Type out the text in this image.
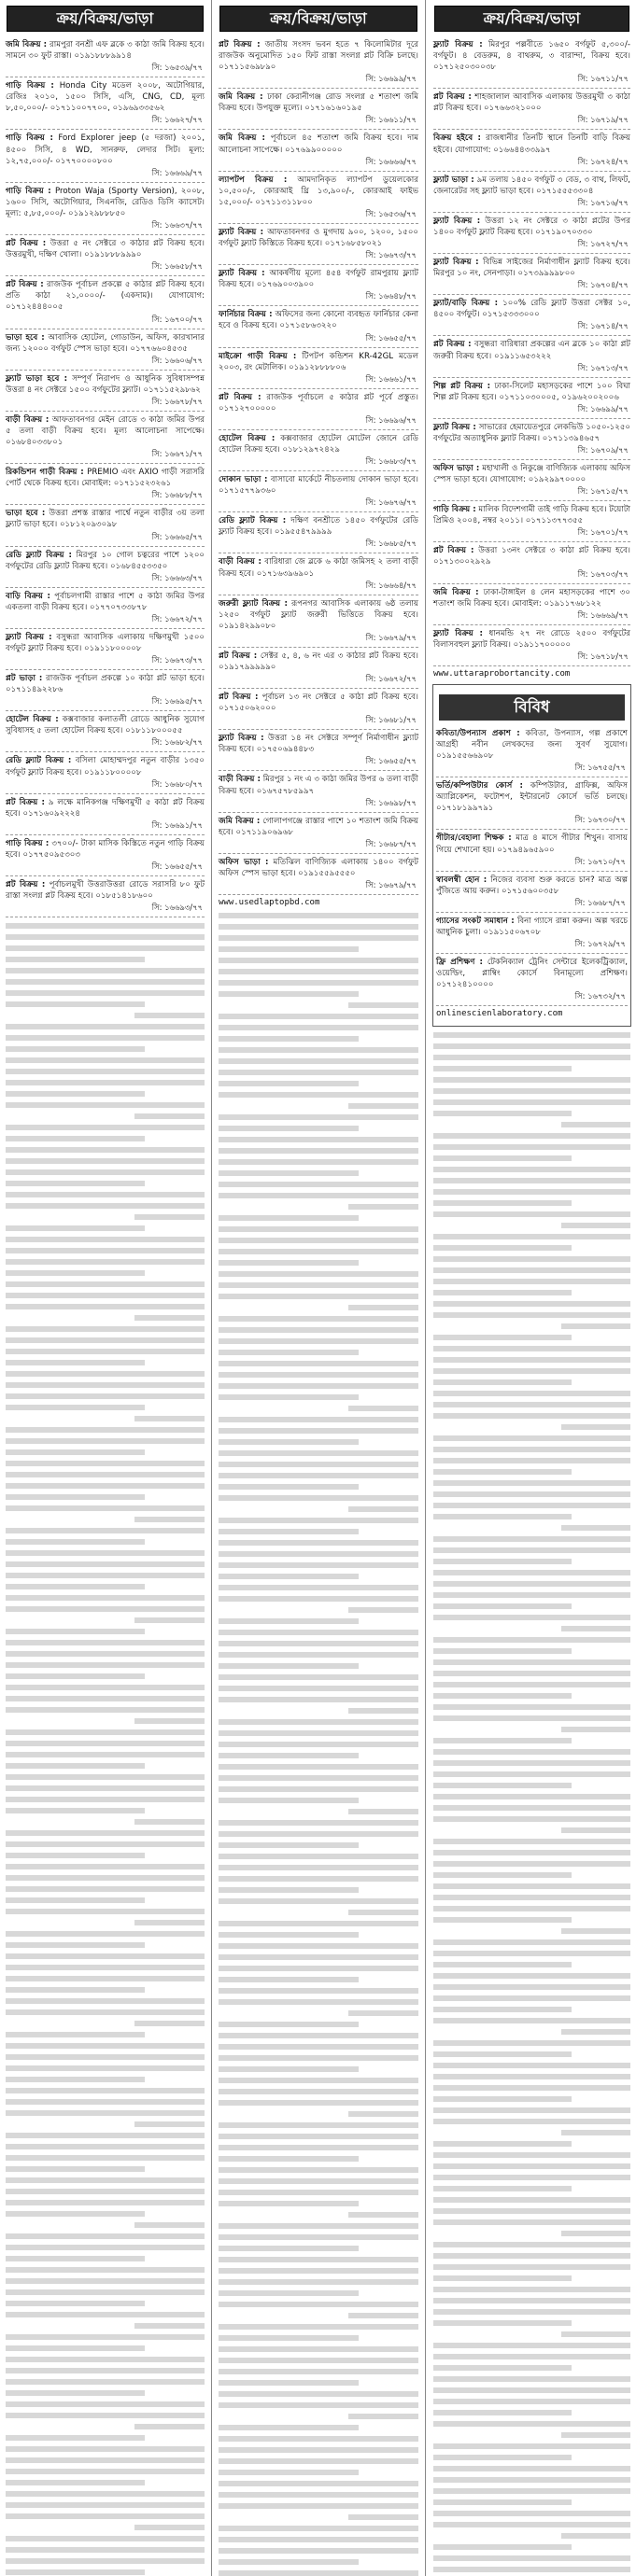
ক্রয়/বিক্রয়/ভাড়া

জমি বিক্রয় : রামপুরা বনশ্রী এফ ব্লকে ৩ কাঠা জমি বিক্রয় হবে। সামনে ৩০ ফুট রাস্তা। ০১৯১৮৮৮৯৯১৪

সি: ১৬৫৩৯/৭৭

গাড়ি বিক্রয় : Honda City মডেল ২০০৮, অটোগিয়ার, রেজিঃ ২০১০, ১৫০০ সিসি, এসি, CNG, CD, মূল্য ৮,৫০,০০০/- ০১৭১১০০৭৭০০, ০১৯৬৯৩৩৫৬২

সি: ১৬৬২৭/৭৭

গাড়ি বিক্রয় : Ford Explorer jeep (৫ দরজা) ২০০১, ৪৫০০ সিসি, ৪ WD, সানরুফ, লেদার সিট। মূল্য: ১২,৭৫,০০০/- ০১৭৭০০০০৮০০

সি: ১৬৬৬৯/৭৭

গাড়ি বিক্রয় : Proton Waja (Sporty Version), ২০০৮, ১৬০০ সিসি, অটোগিয়ার, সিএনজি, রেডিও ডিসি ক্যাসেট। মূল্য: ৫,৮৫,০০০/- ০১৯১২৯৮৮৮৫০

সি: ১৬৬৩৭/৭৭

প্লট বিক্রয় : উত্তরা ৫ নং সেক্টরে ৩ কাঠার প্লট বিক্রয় হবে। উত্তরমুখী, দক্ষিণ খোলা। ০১৯১৮৮৮৯৯৯০

সি: ১৬৬৫৮/৭৭

প্লট বিক্রয় : রাজউক পূর্বাচল প্রকল্পে ৫ কাঠার প্লট বিক্রয় হবে। প্রতি কাঠা ২১,০০০০/- (একদাম)। যোগাযোগ: ০১৭১২৪৪৪০০৫

সি: ১৬৭০০/৭৭

ভাড়া হবে : আবাসিক হোটেল, গোডাউন, অফিস, কারখানার জন্য ১২০০০ বর্গফুট স্পেস ভাড়া হবে। ০১৭৭৬৬০৪৫৩৫

সি: ১৬৬০৬/৭৭

ফ্ল্যাট ভাড়া হবে : সম্পূর্ণ নিরাপদ ও আধুনিক সুবিধাসম্পন্ন উত্তরা ৪ নং সেক্টরে ১৫০০ বর্গফুটের ফ্ল্যাট। ০১৭১১৫২৯৮৬২

সি: ১৬৬৭৮/৭৭

বাড়ী বিক্রয় : আফতাবনগর মেইন রোডে ৩ কাঠা জমির উপর ৫ তলা বাড়ী বিক্রয় হবে। মূল্য আলোচনা সাপেক্ষে। ০১৬৮৪০৩৩৮০১

সি: ১৬৬৭১/৭৭

রিকন্ডিশন গাড়ী বিক্রয় : PREMIO এবং AXIO গাড়ী সরাসরি পোর্ট থেকে বিক্রয় হবে। মোবাইল: ০১৭১১৫২৩২৬১

সি: ১৬৬৮৮/৭৭

ভাড়া হবে : উত্তরা প্রশস্ত রাস্তার পার্শ্বে নতুন বাড়ীর ৩য় তলা ফ্ল্যাট ভাড়া হবে। ০১৮১২০৯৩০৯৮

সি: ১৬৬৬৫/৭৭

রেডি ফ্ল্যাট বিক্রয় : মিরপুর ১০ গোল চত্বরের পাশে ১২০০ বর্গফুটের রেডি ফ্ল্যাট বিক্রয় হবে। ০১৬৮৪৫৫৩৩৫০

সি: ১৬৬৬৩/৭৭

বাড়ি বিক্রয় : পূর্বাচলগামী রাস্তার পাশে ৫ কাঠা জমির উপর একতলা বাড়ী বিক্রয় হবে। ০১৭৭০৭৩৩৮৭৮

সি: ১৬৬৭২/৭৭

ফ্ল্যাট বিক্রয় : বসুন্ধরা আবাসিক এলাকায় দক্ষিণমুখী ১৫০০ বর্গফুট ফ্ল্যাট বিক্রয় হবে। ০১৯১১৮০০০০৮

সি: ১৬৬৭৩/৭৭

প্লট ভাড়া : রাজউক পূর্বাচল প্রকল্পে ১০ কাঠা প্লট ভাড়া হবে। ০১৭১১৪৯২২৮৬

সি: ১৬৬৯৫/৭৭

হোটেল বিক্রয় : কক্সবাজার কলাতলী রোডে আধুনিক সুযোগ সুবিধাসহ ৫ তলা হোটেল বিক্রয় হবে। ০১৮১১৮০০০৫৫

সি: ১৬৬৮২/৭৭

রেডি ফ্ল্যাট বিক্রয় : বসিলা মোহাম্মদপুর নতুন বাড়ীর ১৩৫০ বর্গফুট ফ্ল্যাট বিক্রয় হবে। ০১৯১১৮০০০০৮

সি: ১৬৬৮০/৭৭

প্লট বিক্রয় : ৯ লক্ষে মানিকগঞ্জ দক্ষিণমুখী ৫ কাঠা প্লট বিক্রয় হবে। ০১৭১৬০৯২২২৪

সি: ১৬৬৯১/৭৭

গাড়ি বিক্রয় : ৩৭০০/- টাকা মাসিক কিস্তিতে নতুন গাড়ি বিক্রয় হবে। ০১৭৭৫০৯৫৩০৩

সি: ১৬৬৫৫/৭৭

প্লট বিক্রয় : পূর্বাচলমুখী উত্তরাউত্তরা রোডে সরাসরি ৮০ ফুট রাস্তা সংলগ্ন প্লট বিক্রয় হবে। ০১৮৫১৪১৮৬০০

সি: ১৬৬৯৩/৭৭
ক্রয়/বিক্রয়/ভাড়া

প্লট বিক্রয় : জাতীয় সংসদ ভবন হতে ৭ কিলোমিটার দূরে রাজউক অনুমোদিত ১৫০ ফিট রাস্তা সংলগ্ন প্লট বিক্রি চলছে। ০১৭১১৫৬৯৮৯০

সি: ১৬৬৯৯/৭৭

জমি বিক্রয় : ঢাকা কেরানীগঞ্জ রোড সংলগ্ন ৫ শতাংশ জমি বিক্রয় হবে। উপযুক্ত মূল্যে। ০১৭১৬১৬০১৯৫

সি: ১৬৬১১/৭৭

জমি বিক্রয় : পূর্বাচলে ৪৫ শতাংশ জমি বিক্রয় হবে। দাম আলোচনা সাপেক্ষে। ০১৭৬৯৯০০০০০

সি: ১৬৬৬৬/৭৭

ল্যাপটপ বিক্রয় : আমদানিকৃত ল্যাপটপ ডুয়েলকোর ১০,৫০০/-, কোরআই থ্রি ১৩,৯০০/-, কোরআই ফাইভ ১৫,০০০/- ০১৭১১৩১১৮০০

সি: ১৬৫৩৬/৭৭

ফ্ল্যাট বিক্রয় : আফতাবনগর ও মুগদায় ৯০০, ১২০০, ১৫০০ বর্গফুট ফ্ল্যাট কিস্তিতে বিক্রয় হবে। ০১৭১৬৮৫৮০২১

সি: ১৬৬৭৩/৭৭

ফ্ল্যাট বিক্রয় : আকর্ষণীয় মূল্যে ৪৫৪ বর্গফুট রামপুরায় ফ্ল্যাট বিক্রয় হবে। ০১৭৬৯০০৩৯০০

সি: ১৬৬৪৮/৭৭

ফার্নিচার বিক্রয় : অফিসের জন্য কোনো ব্যবহৃত ফার্নিচার কেনা হবে ও বিক্রয় হবে। ০১৭১৫৮৬৩২২০

সি: ১৬৬৫৫/৭৭

মাইক্রো গাড়ী বিক্রয় : টিপটপ কন্ডিশন KR-42GL মডেল ২০০৩, রং মেটালিক। ০১৯১২৮৮৮৮০৬

সি: ১৬৬৬১/৭৭

প্লট বিক্রয় : রাজউক পূর্বাচলে ৫ কাঠার প্লট পূর্বে প্রস্তুত। ০১৭১২৭০০০০০

সি: ১৬৬৯৬/৭৭

হোটেল বিক্রয় : কক্সবাজার হোটেল মোটেল জোনে রেডি হোটেল বিক্রয় হবে। ০১৮১২৯৭২৪২৯

সি: ১৬৬৮৩/৭৭

দোকান ভাড়া : বাসাবো মার্কেটে নীচতলায় দোকান ভাড়া হবে। ০১৭১৫৭৭৯৩৬০

সি: ১৬৬৭৬/৭৭

রেডি ফ্ল্যাট বিক্রয় : দক্ষিণ বনশ্রীতে ১৪৫০ বর্গফুটের রেডি ফ্ল্যাট বিক্রয় হবে। ০১৯৫৫৪৭৯৯৯৯

সি: ১৬৬৮৫/৭৭

বাড়ী বিক্রয় : বারিধারা জে ব্লকে ৬ কাঠা জমিসহ ২ তলা বাড়ী বিক্রয় হবে। ০১৭১৬৩৯৬৯০১

সি: ১৬৬৬৪/৭৭

জরুরী ফ্ল্যাট বিক্রয় : রূপনগর আবাসিক এলাকায় ৬ষ্ঠ তলায় ১২৫০ বর্গফুট ফ্ল্যাট জরুরী ভিত্তিতে বিক্রয় হবে। ০১৯১৪২৯৯০৮০

সি: ১৬৬৭৯/৭৭

প্লট বিক্রয় : সেক্টর ৫, ৪, ৬ নং এর ৩ কাঠার প্লট বিক্রয় হবে। ০১৯১৭৯৯৯৯৯০

সি: ১৬৬৭২/৭৭

প্লট বিক্রয় : পূর্বাচল ১৩ নং সেক্টরে ৫ কাঠা প্লট বিক্রয় হবে। ০১৭১৫০৬২০০০

সি: ১৬৬৮১/৭৭

ফ্ল্যাট বিক্রয় : উত্তরা ১৪ নং সেক্টরে সম্পূর্ণ নির্মাণাধীন ফ্ল্যাট বিক্রয় হবে। ০১৭৫০৬৯৪৪৮৩

সি: ১৬৬৫৫/৭৭

বাড়ী বিক্রয় : মিরপুর ১ নং এ ৩ কাঠা জমির উপর ৬ তলা বাড়ী বিক্রয় হবে। ০১৬৭৫৭৮৫৯৯৭

সি: ১৬৬৯৮/৭৭

জমি বিক্রয় : গোলাপগঞ্জে রাস্তার পাশে ১০ শতাংশ জমি বিক্রয় হবে। ০১৭১১৯০৬৯৬৮

সি: ১৬৬৮৭/৭৭

অফিস ভাড়া : মতিঝিল বাণিজ্যিক এলাকায় ১৪০০ বর্গফুট অফিস স্পেস ভাড়া হবে। ০১৯১৫৫৯৫৫৫০

সি: ১৬৬৭৯/৭৭
www.usedlaptopbd.com
ক্রয়/বিক্রয়/ভাড়া

ফ্ল্যাট বিক্রয় : মিরপুর পল্লবীতে ১৬৫০ বর্গফুট ৫,৩০০/- বর্গফুট। ৪ বেডরুম, ৪ বাথরুম, ৩ বারান্দা, বিক্রয় হবে। ০১৭১২৫০৩০০৩৮

সি: ১৬৭১১/৭৭

প্লট বিক্রয় : শাহজালাল আবাসিক এলাকায় উত্তরমুখী ৩ কাঠা প্লট বিক্রয় হবে। ০১৭৬৬৩২১০০০

সি: ১৬৭১৯/৭৭

বিক্রয় হইবে : রাজধানীর তিনটি স্থানে তিনটি বাড়ি বিক্রয় হইবে। যোগাযোগ: ০১৬৬৪৪৩৩৯৯৭

সি: ১৬৭২৪/৭৭

ফ্ল্যাট ভাড়া : ৯ম তলায় ১৪৫০ বর্গফুট ৩ বেড, ৩ বাথ, লিফট, জেনারেটর সহ ফ্ল্যাট ভাড়া হবে। ০১৭১৫৫৫৩৩০৪

সি: ১৬৭১৬/৭৭

ফ্ল্যাট বিক্রয় : উত্তরা ১২ নং সেক্টরে ৩ কাঠা প্লটের উপর ১৪০০ বর্গফুট ফ্ল্যাট বিক্রয় হবে। ০১৭১৯০৭০৩৩০

সি: ১৬৭২৭/৭৭

ফ্ল্যাট বিক্রয় : বিভিন্ন সাইজের নির্মাণাধীন ফ্ল্যাট বিক্রয় হবে। মিরপুর ১০ নং, সেনপাড়া। ০১৭৩৯৯৯৯৮০০

সি: ১৬৭০৪/৭৭

ফ্ল্যাট/বাড়ি বিক্রয় : ১০০% রেডি ফ্ল্যাট উত্তরা সেক্টর ১০, ৪৫০০ বর্গফুট। ০১৭১৫৩৩৩০০০

সি: ১৬৭১৪/৭৭

প্লট বিক্রয় : বসুন্ধরা বারিধারা প্রকল্পের এন ব্লকে ১০ কাঠা প্লট জরুরী বিক্রয় হবে। ০১৯১১৬৫৩২২২

সি: ১৬৭১৩/৭৭

শিল্প প্লট বিক্রয় : ঢাকা-সিলেট মহাসড়কের পাশে ১০০ বিঘা শিল্প প্লট বিক্রয় হবে। ০১৭১১০৩০০০৫, ০১৯৬২০০২০০৬

সি: ১৬৬৯৯/৭৭

ফ্ল্যাট বিক্রয় : সাভারের হেমায়েতপুরে লেকভিউ ১০৫০-১২৫০ বর্গফুটের অত্যাধুনিক ফ্ল্যাট বিক্রয়। ০১৭১১৩৯৪৬৫৭

সি: ১৬৭০৯/৭৭

অফিস ভাড়া : মহাখালী ও নিকুঞ্জে বাণিজ্যিক এলাকায় অফিস স্পেস ভাড়া হবে। যোগাযোগ: ০১৯২৯৯৭০০০০

সি: ১৬৭১৫/৭৭

গাড়ি বিক্রয় : মালিক বিদেশগামী তাই গাড়ি বিক্রয় হবে। টয়োটা প্রিমিও ২০০৪, নম্বর ২০১১। ০১৭১১৩৭৭৩৫৫

সি: ১৬৭০১/৭৭

প্লট বিক্রয় : উত্তরা ১৩নং সেক্টরে ৩ কাঠা প্লট বিক্রয় হবে। ০১৭১৩০০২৯২৯

সি: ১৬৭০৩/৭৭

জমি বিক্রয় : ঢাকা-টাঙ্গাইল ৪ লেন মহাসড়কের পাশে ৩০ শতাংশ জমি বিক্রয় হবে। মোবাইল: ০১৯১১৭৬৮১২২

সি: ১৬৬৬৯/৭৭

ফ্ল্যাট বিক্রয় : ধানমন্ডি ২৭ নং রোডে ২৫০০ বর্গফুটের বিলাসবহুল ফ্ল্যাট বিক্রয়। ০১৯১১৭০০০০০

সি: ১৬৭১৮/৭৭
www.uttaraprobortancity.com
বিবিধ

কবিতা/উপন্যাস প্রকাশ : কবিতা, উপন্যাস, গল্প প্রকাশে আগ্রহী নবীন লেখকদের জন্য সুবর্ণ সুযোগ। ০১৯১৫৫৬৬৯০৮

সি: ১৬৭৫৫/৭৭

ভর্তি/কম্পিউটার কোর্স : কম্পিউটার, গ্রাফিক্স, অফিস অ্যাপ্লিকেশন, ফটোশপ, ইন্টারনেট কোর্সে ভর্তি চলছে। ০১৭১৮১৯৯৭৯১

সি: ১৬৭৩০/৭৭

গীটার/বেহালা শিক্ষক : মাত্র ৪ মাসে গীটার শিখুন। বাসায় গিয়ে শেখানো হয়। ০১৭৯৪৯৬৫৯০০

সি: ১৬৭১০/৭৭

স্বাবলম্বী হোন : নিজের ব্যবসা শুরু করতে চান? মাত্র অল্প পুঁজিতে আয় করুন। ০১৭১৫৬০০৩৫৮

সি: ১৬৬৮৭/৭৭

গ্যাসের সংকট সমাধান : বিনা গ্যাসে রান্না করুন। অল্প খরচে আধুনিক চুলা। ০১৯১১৫০৬৭০৮

সি: ১৬৭২৯/৭৭

ফ্রি প্রশিক্ষণ : টেকনিক্যাল ট্রেনিং সেন্টারে ইলেকট্রিক্যাল, ওয়েল্ডিং, প্লাম্বিং কোর্সে বিনামূল্যে প্রশিক্ষণ। ০১৭১২৪১০০০০

সি: ১৬৭৩২/৭৭
onlinescienlaboratory.com
